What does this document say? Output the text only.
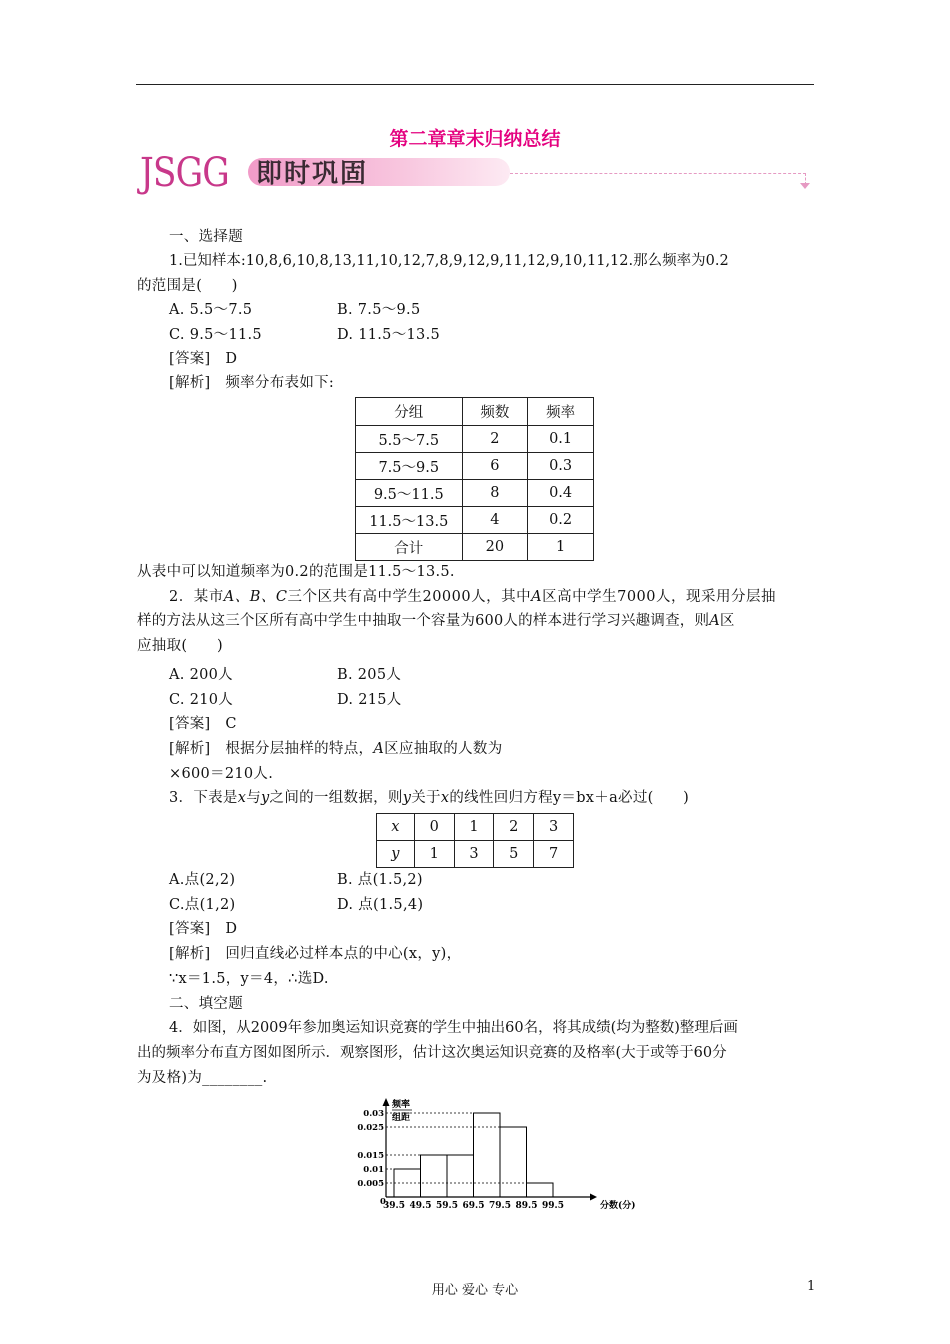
第二章章末归纳总结
JSGG 即时巩固
一、选择题
1.已知样本:10,8,6,10,8,13,11,10,12,7,8,9,12,9,11,12,9,10,11,12.那么频率为0.2
的范围是(　　)
A. 5.5～7.5	B. 7.5～9.5
C. 9.5～11.5	D. 11.5～13.5
[答案]　D
[解析]　频率分布表如下:
分组	频数	频率
5.5～7.5	2	0.1
7.5～9.5	6	0.3
9.5～11.5	8	0.4
11.5～13.5	4	0.2
合计	20	1
从表中可以知道频率为0.2的范围是11.5～13.5.
2．某市A、B、C三个区共有高中学生20000人，其中A区高中学生7000人，现采用分层抽
样的方法从这三个区所有高中学生中抽取一个容量为600人的样本进行学习兴趣调查，则A区
应抽取(　　)
A. 200人	B. 205人
C. 210人	D. 215人
[答案]　C
[解析]　根据分层抽样的特点，A区应抽取的人数为
×600＝210人.
3．下表是x与y之间的一组数据，则y关于x的线性回归方程y＝bx＋a必过(　　)
x	0	1	2	3
y	1	3	5	7
A.点(2,2)	B. 点(1.5,2)
C.点(1,2)	D. 点(1.5,4)
[答案]　D
[解析]　回归直线必过样本点的中心(x，y)，
∵x＝1.5，y＝4，∴选D.
二、填空题
4．如图，从2009年参加奥运知识竞赛的学生中抽出60名，将其成绩(均为整数)整理后画
出的频率分布直方图如图所示．观察图形，估计这次奥运知识竞赛的及格率(大于或等于60分
为及格)为________.
频率
组距
0
0.005
0.01
0.015
0.025
0.03
39.5 49.5 59.5 69.5 79.5 89.5 99.5	分数(分)
用心 爱心 专心	1
